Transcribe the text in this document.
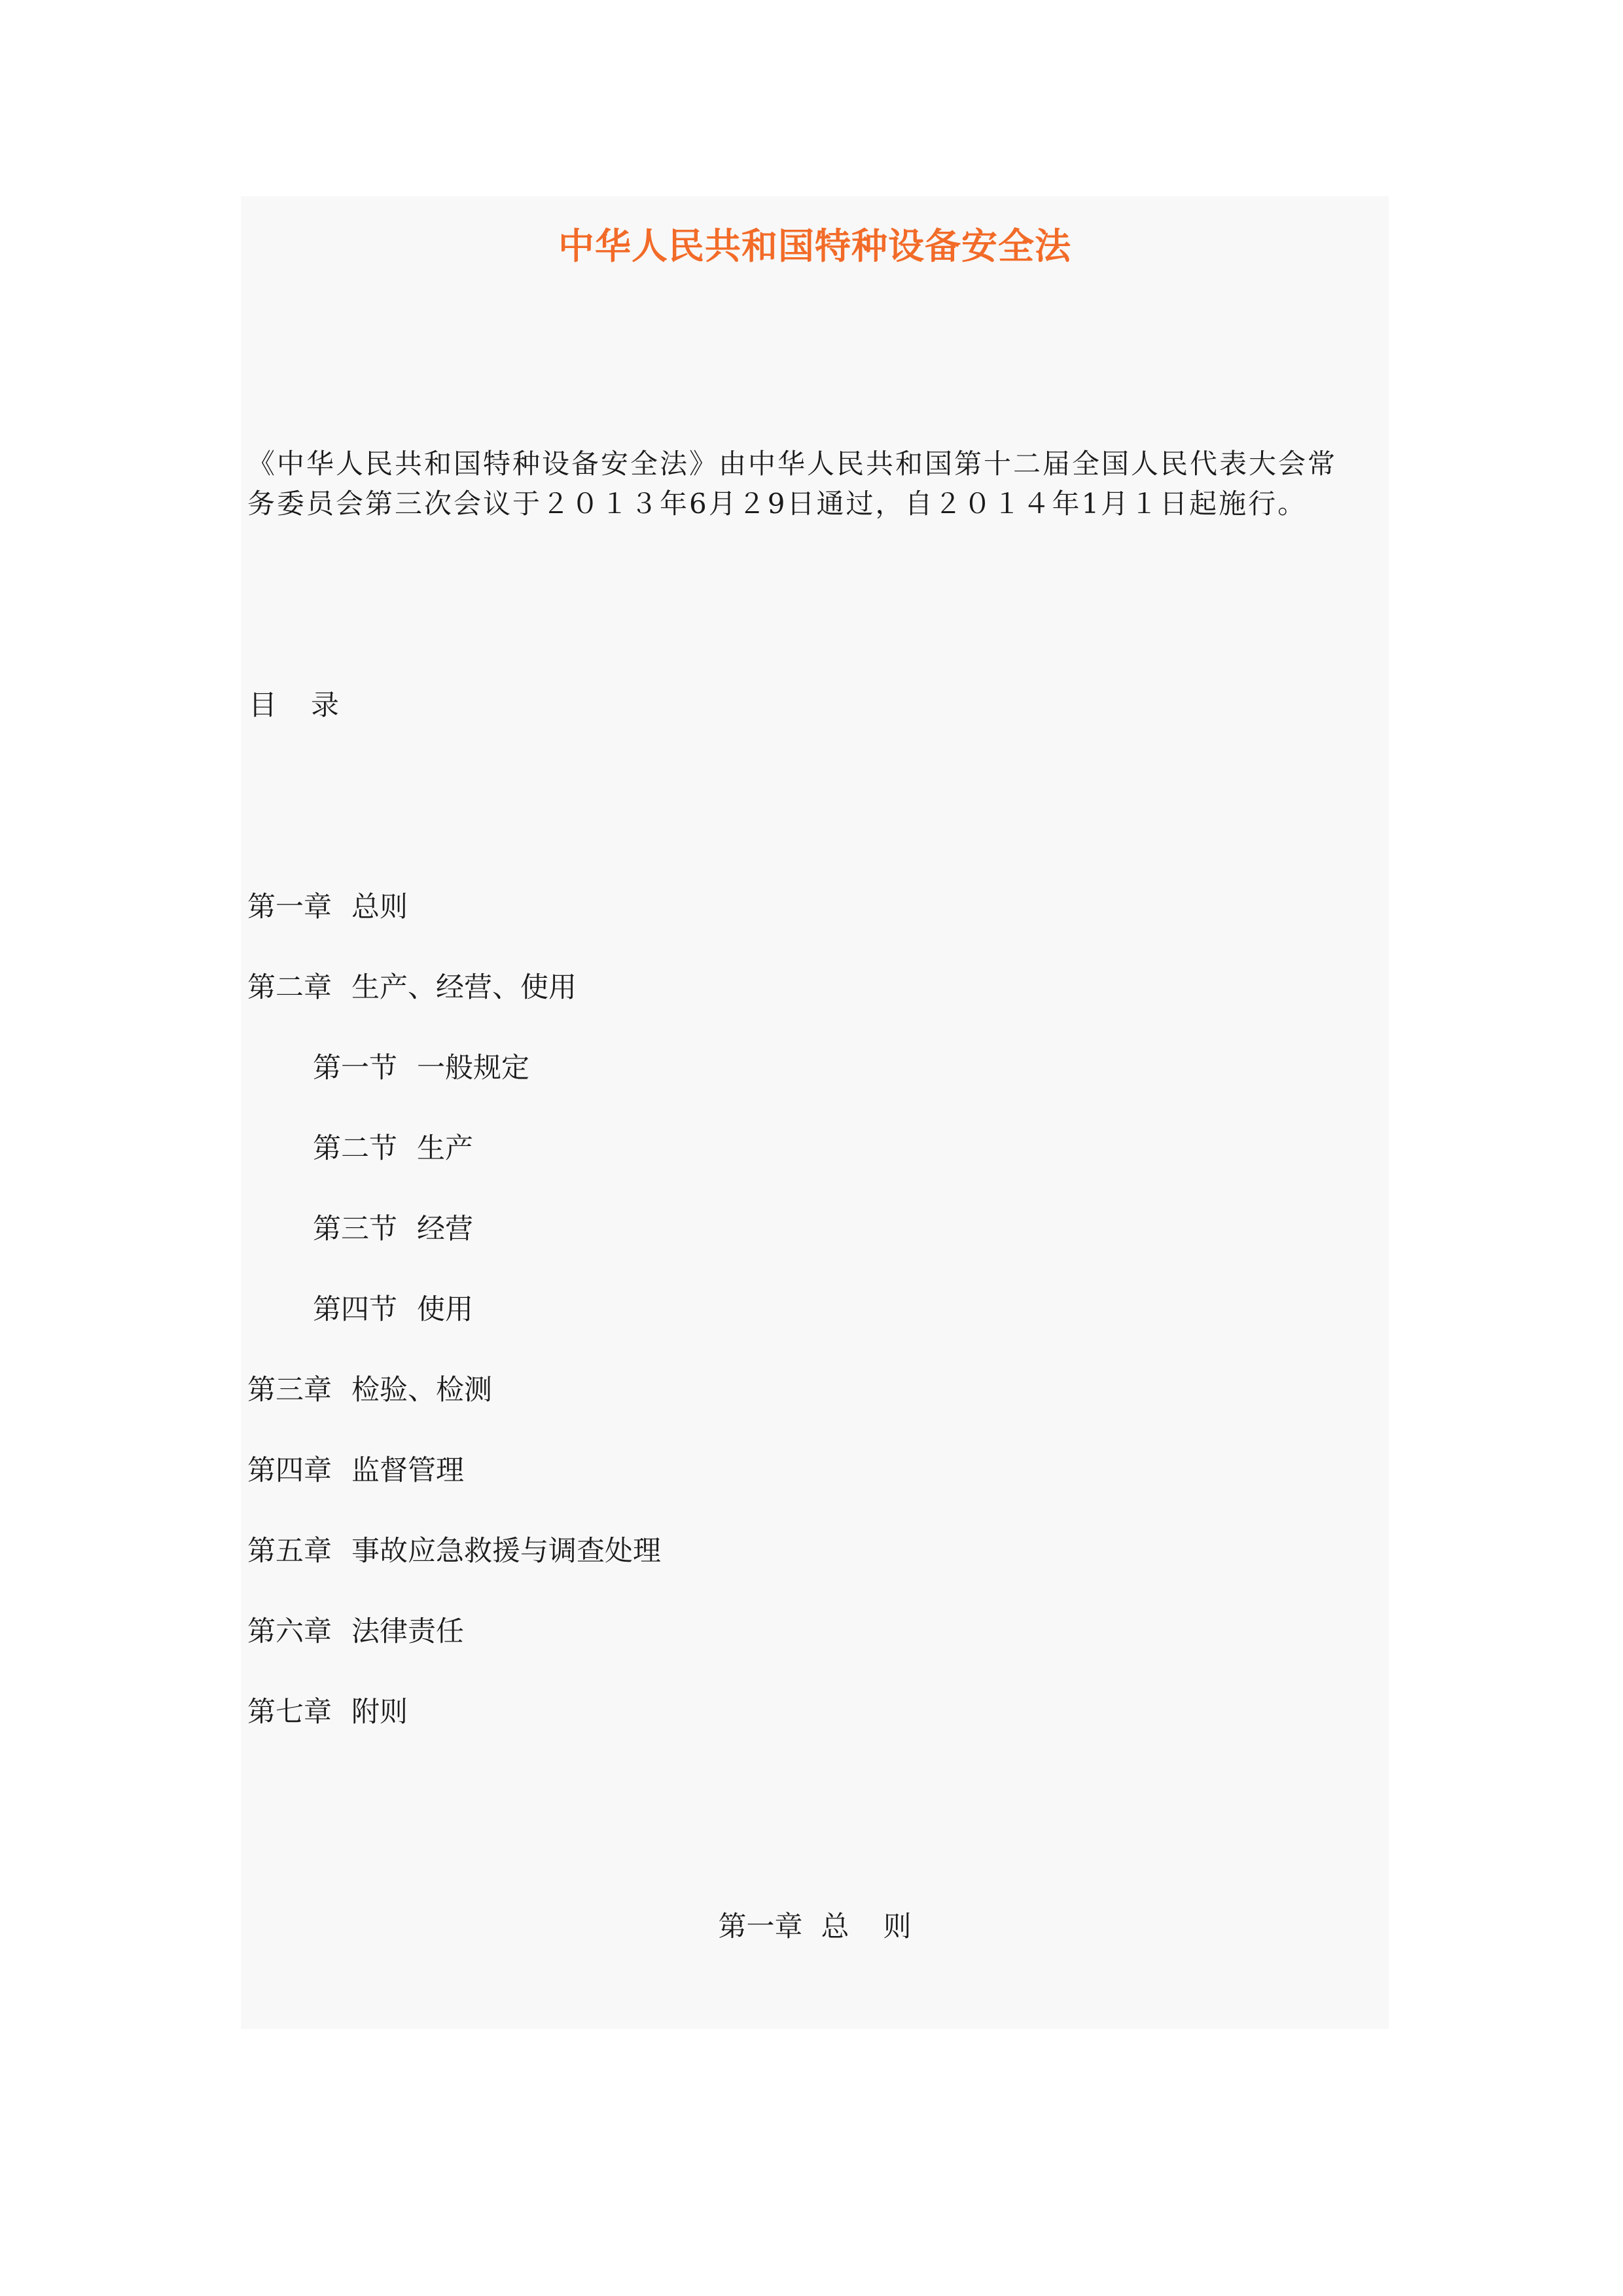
中华人民共和国特种设备安全法

《中华人民共和国特种设备安全法》由中华人民共和国第十二届全国人民代表大会常
务委员会第三次会议于２０１３年6月２9日通过，自２０１４年1月１日起施行。

目 录
第一章 总则
第二章 生产、经营、使用
第一节 一般规定
第二节 生产
第三节 经营
第四节 使用
第三章 检验、检测
第四章 监督管理
第五章 事故应急救援与调查处理
第六章 法律责任
第七章 附则
第一章 总 则
